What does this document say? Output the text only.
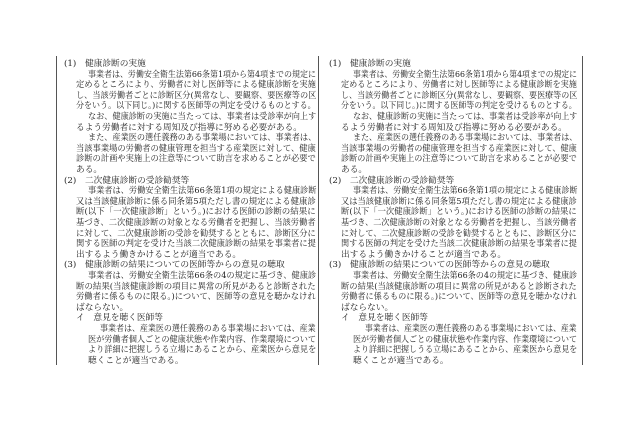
(1)　健康診断の実施
事業者は、労働安全衛生法第66条第1項から第4項までの規定に
定めるところにより、労働者に対し医師等による健康診断を実施
し、当該労働者ごとに診断区分(異常なし、要観察、要医療等の区
分をいう。以下同じ。)に関する医師等の判定を受けるものとする。
なお、健康診断の実施に当たっては、事業者は受診率が向上す
るよう労働者に対する周知及び指導に努める必要がある。
また、産業医の選任義務のある事業場においては、事業者は、
当該事業場の労働者の健康管理を担当する産業医に対して、健康
診断の計画や実施上の注意等について助言を求めることが必要で
ある。
(2)　二次健康診断の受診勧奨等
事業者は、労働安全衛生法第66条第1項の規定による健康診断
又は当該健康診断に係る同条第5項ただし書の規定による健康診
断(以下「一次健康診断」という。)における医師の診断の結果に
基づき、二次健康診断の対象となる労働者を把握し、当該労働者
に対して、二次健康診断の受診を勧奨するとともに、診断区分に
関する医師の判定を受けた当該二次健康診断の結果を事業者に提
出するよう働きかけることが適当である。
(3)　健康診断の結果についての医師等からの意見の聴取
事業者は、労働安全衛生法第66条の4の規定に基づき、健康診
断の結果(当該健康診断の項目に異常の所見があると診断された
労働者に係るものに限る。)について、医師等の意見を聴かなけれ
ばならない。
イ　意見を聴く医師等
事業者は、産業医の選任義務のある事業場においては、産業
医が労働者個人ごとの健康状態や作業内容、作業環境について
より詳細に把握しうる立場にあることから、産業医から意見を
聴くことが適当である。
(1)　健康診断の実施
事業者は、労働安全衛生法第66条第1項から第4項までの規定に
定めるところにより、労働者に対し医師等による健康診断を実施
し、当該労働者ごとに診断区分(異常なし、要観察、要医療等の区
分をいう。以下同じ。)に関する医師等の判定を受けるものとする。
なお、健康診断の実施に当たっては、事業者は受診率が向上す
るよう労働者に対する周知及び指導に努める必要がある。
また、産業医の選任義務のある事業場においては、事業者は、
当該事業場の労働者の健康管理を担当する産業医に対して、健康
診断の計画や実施上の注意等について助言を求めることが必要で
ある。
(2)　二次健康診断の受診勧奨等
事業者は、労働安全衛生法第66条第1項の規定による健康診断
又は当該健康診断に係る同条第5項ただし書の規定による健康診
断(以下「一次健康診断」という。)における医師の診断の結果に
基づき、二次健康診断の対象となる労働者を把握し、当該労働者
に対して、二次健康診断の受診を勧奨するとともに、診断区分に
関する医師の判定を受けた当該二次健康診断の結果を事業者に提
出するよう働きかけることが適当である。
(3)　健康診断の結果についての医師等からの意見の聴取
事業者は、労働安全衛生法第66条の4の規定に基づき、健康診
断の結果(当該健康診断の項目に異常の所見があると診断された
労働者に係るものに限る。)について、医師等の意見を聴かなけれ
ばならない。
イ　意見を聴く医師等
事業者は、産業医の選任義務のある事業場においては、産業
医が労働者個人ごとの健康状態や作業内容、作業環境について
より詳細に把握しうる立場にあることから、産業医から意見を
聴くことが適当である。
